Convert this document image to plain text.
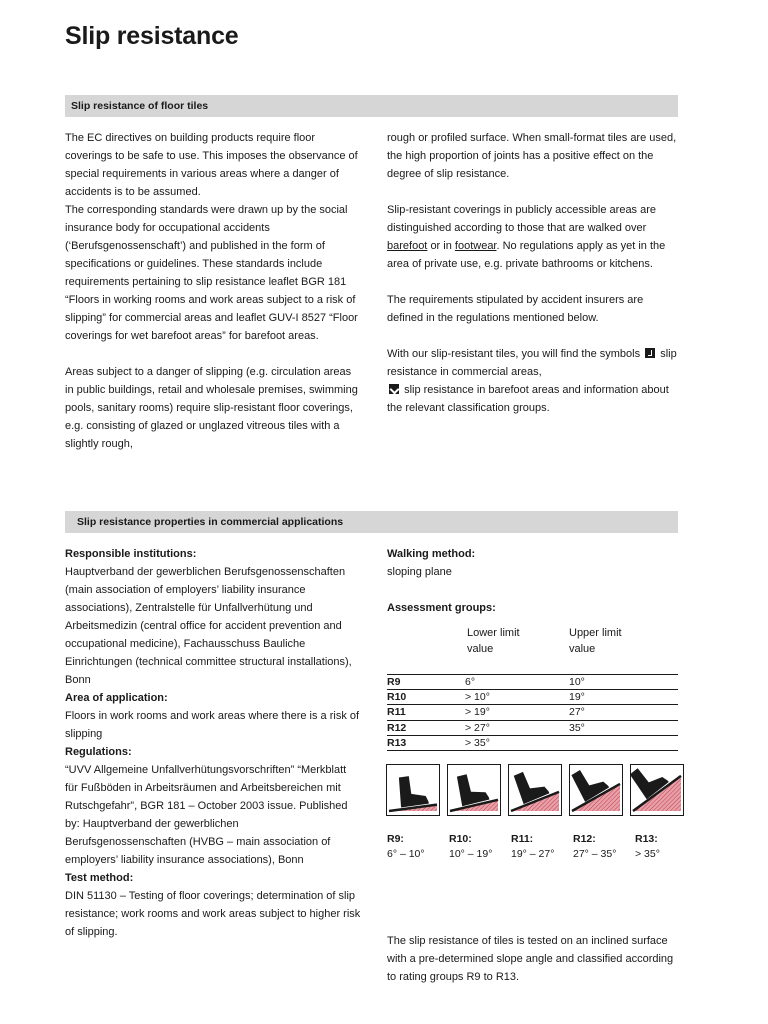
Slip resistance
Slip resistance of floor tiles

The EC directives on building products require floor coverings to be safe to use. This imposes the observance of special requirements in various areas where a danger of accidents is to be assumed.

The corresponding standards were drawn up by the social insurance body for occupational accidents (‘Berufsgenossenschaft’) and published in the form of specifications or guidelines. These standards include requirements pertaining to slip resistance leaflet BGR 181 “Floors in working rooms and work areas subject to a risk of slipping” for commercial areas and leaflet GUV-I 8527 “Floor coverings for wet barefoot areas” for barefoot areas.

Areas subject to a danger of slipping (e.g. circulation areas in public buildings, retail and wholesale premises, swimming pools, sanitary rooms) require slip-resistant floor coverings, e.g. consisting of glazed or unglazed vitreous tiles with a slightly rough,

rough or profiled surface. When small-format tiles are used, the high proportion of joints has a positive effect on the degree of slip resistance.

Slip-resistant coverings in publicly accessible areas are distinguished according to those that are walked over barefoot or in footwear. No regulations apply as yet in the area of private use, e.g. private bathrooms or kitchens.

The requirements stipulated by accident insurers are defined in the regulations mentioned below.

With our slip-resistant tiles, you will find the symbols slip resistance in commercial areas,
slip resistance in barefoot areas and information about the relevant classification groups.

Slip resistance properties in commercial applications

Responsible institutions:

Hauptverband der gewerblichen Berufsgenossenschaften (main association of employers’ liability insurance associations), Zentralstelle für Unfallverhütung und Arbeitsmedizin (central office for accident prevention and occupational medicine), Fachausschuss Bauliche Einrichtungen (technical committee structural installations), Bonn

Area of application:

Floors in work rooms and work areas where there is a risk of slipping

Regulations:

“UVV Allgemeine Unfallverhütungsvorschriften” “Merkblatt für Fußböden in Arbeitsräumen and Arbeitsbereichen mit Rutschgefahr”, BGR 181 – October 2003 issue. Published by: Hauptverband der gewerblichen Berufsgenossenschaften (HVBG – main association of employers’ liability insurance associations), Bonn

Test method:

DIN 51130 – Testing of floor coverings; determination of slip resistance; work rooms and work areas subject to higher risk of slipping.

Walking method:

sloping plane

Assessment groups:
Lower limit value
Upper limit value
R9	6°	10°
R10	> 10°	19°
R11	> 19°	27°
R12	> 27°	35°
R13	> 35°	
R9:
6° – 10°
R10:
10° – 19°
R11:
19° – 27°
R12:
27° – 35°
R13:
> 35°
The slip resistance of tiles is tested on an inclined surface with a pre-determined slope angle and classified according to rating groups R9 to R13.
